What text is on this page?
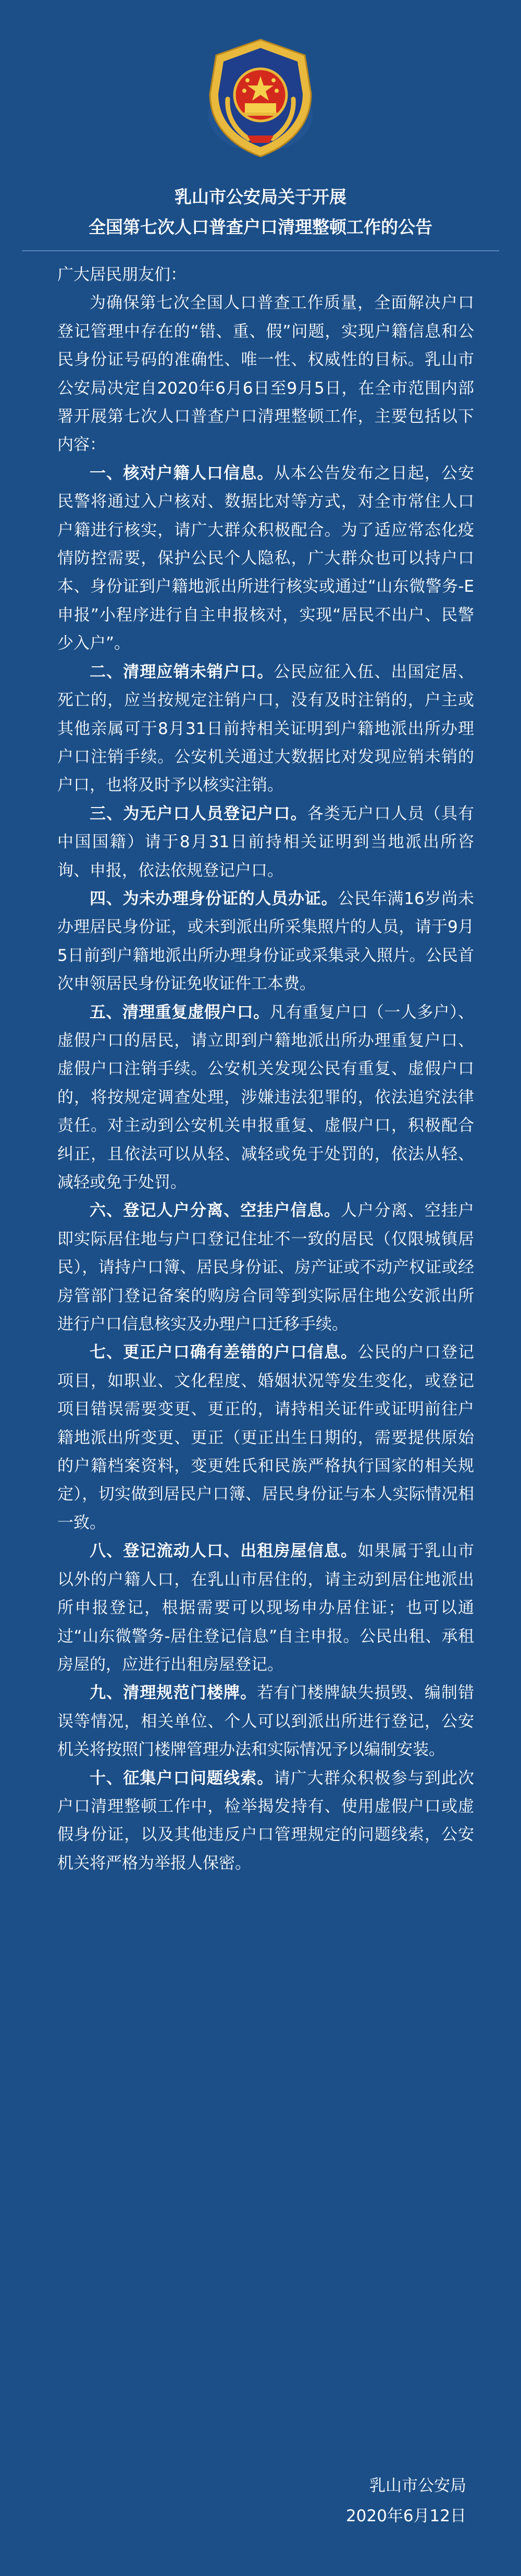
乳山市公安局关于开展
全国第七次人口普查户口清理整顿工作的公告

广大居民朋友们：

为确保第七次全国人口普查工作质量，全面解决户口登记管理中存在的“错、重、假”问题，实现户籍信息和公民身份证号码的准确性、唯一性、权威性的目标。乳山市公安局决定自2020年6月6日至9月5日，在全市范围内部署开展第七次人口普查户口清理整顿工作，主要包括以下内容：

一、核对户籍人口信息。从本公告发布之日起，公安民警将通过入户核对、数据比对等方式，对全市常住人口户籍进行核实，请广大群众积极配合。为了适应常态化疫情防控需要，保护公民个人隐私，广大群众也可以持户口本、身份证到户籍地派出所进行核实或通过“山东微警务-E申报”小程序进行自主申报核对，实现“居民不出户、民警少入户”。

二、清理应销未销户口。公民应征入伍、出国定居、死亡的，应当按规定注销户口，没有及时注销的，户主或其他亲属可于8月31日前持相关证明到户籍地派出所办理户口注销手续。公安机关通过大数据比对发现应销未销的户口，也将及时予以核实注销。

三、为无户口人员登记户口。各类无户口人员（具有中国国籍）请于8月31日前持相关证明到当地派出所咨询、申报，依法依规登记户口。

四、为未办理身份证的人员办证。公民年满16岁尚未办理居民身份证，或未到派出所采集照片的人员，请于9月5日前到户籍地派出所办理身份证或采集录入照片。公民首次申领居民身份证免收证件工本费。

五、清理重复虚假户口。凡有重复户口（一人多户）、虚假户口的居民，请立即到户籍地派出所办理重复户口、虚假户口注销手续。公安机关发现公民有重复、虚假户口的，将按规定调查处理，涉嫌违法犯罪的，依法追究法律责任。对主动到公安机关申报重复、虚假户口，积极配合纠正，且依法可以从轻、减轻或免于处罚的，依法从轻、减轻或免于处罚。

六、登记人户分离、空挂户信息。人户分离、空挂户即实际居住地与户口登记住址不一致的居民（仅限城镇居民），请持户口簿、居民身份证、房产证或不动产权证或经房管部门登记备案的购房合同等到实际居住地公安派出所进行户口信息核实及办理户口迁移手续。

七、更正户口确有差错的户口信息。公民的户口登记项目，如职业、文化程度、婚姻状况等发生变化，或登记项目错误需要变更、更正的，请持相关证件或证明前往户籍地派出所变更、更正（更正出生日期的，需要提供原始的户籍档案资料，变更姓氏和民族严格执行国家的相关规定），切实做到居民户口簿、居民身份证与本人实际情况相一致。

八、登记流动人口、出租房屋信息。如果属于乳山市以外的户籍人口，在乳山市居住的，请主动到居住地派出所申报登记，根据需要可以现场申办居住证；也可以通过“山东微警务-居住登记信息”自主申报。公民出租、承租房屋的，应进行出租房屋登记。

九、清理规范门楼牌。若有门楼牌缺失损毁、编制错误等情况，相关单位、个人可以到派出所进行登记，公安机关将按照门楼牌管理办法和实际情况予以编制安装。

十、征集户口问题线索。请广大群众积极参与到此次户口清理整顿工作中，检举揭发持有、使用虚假户口或虚假身份证，以及其他违反户口管理规定的问题线索，公安机关将严格为举报人保密。

乳山市公安局

2020年6月12日
